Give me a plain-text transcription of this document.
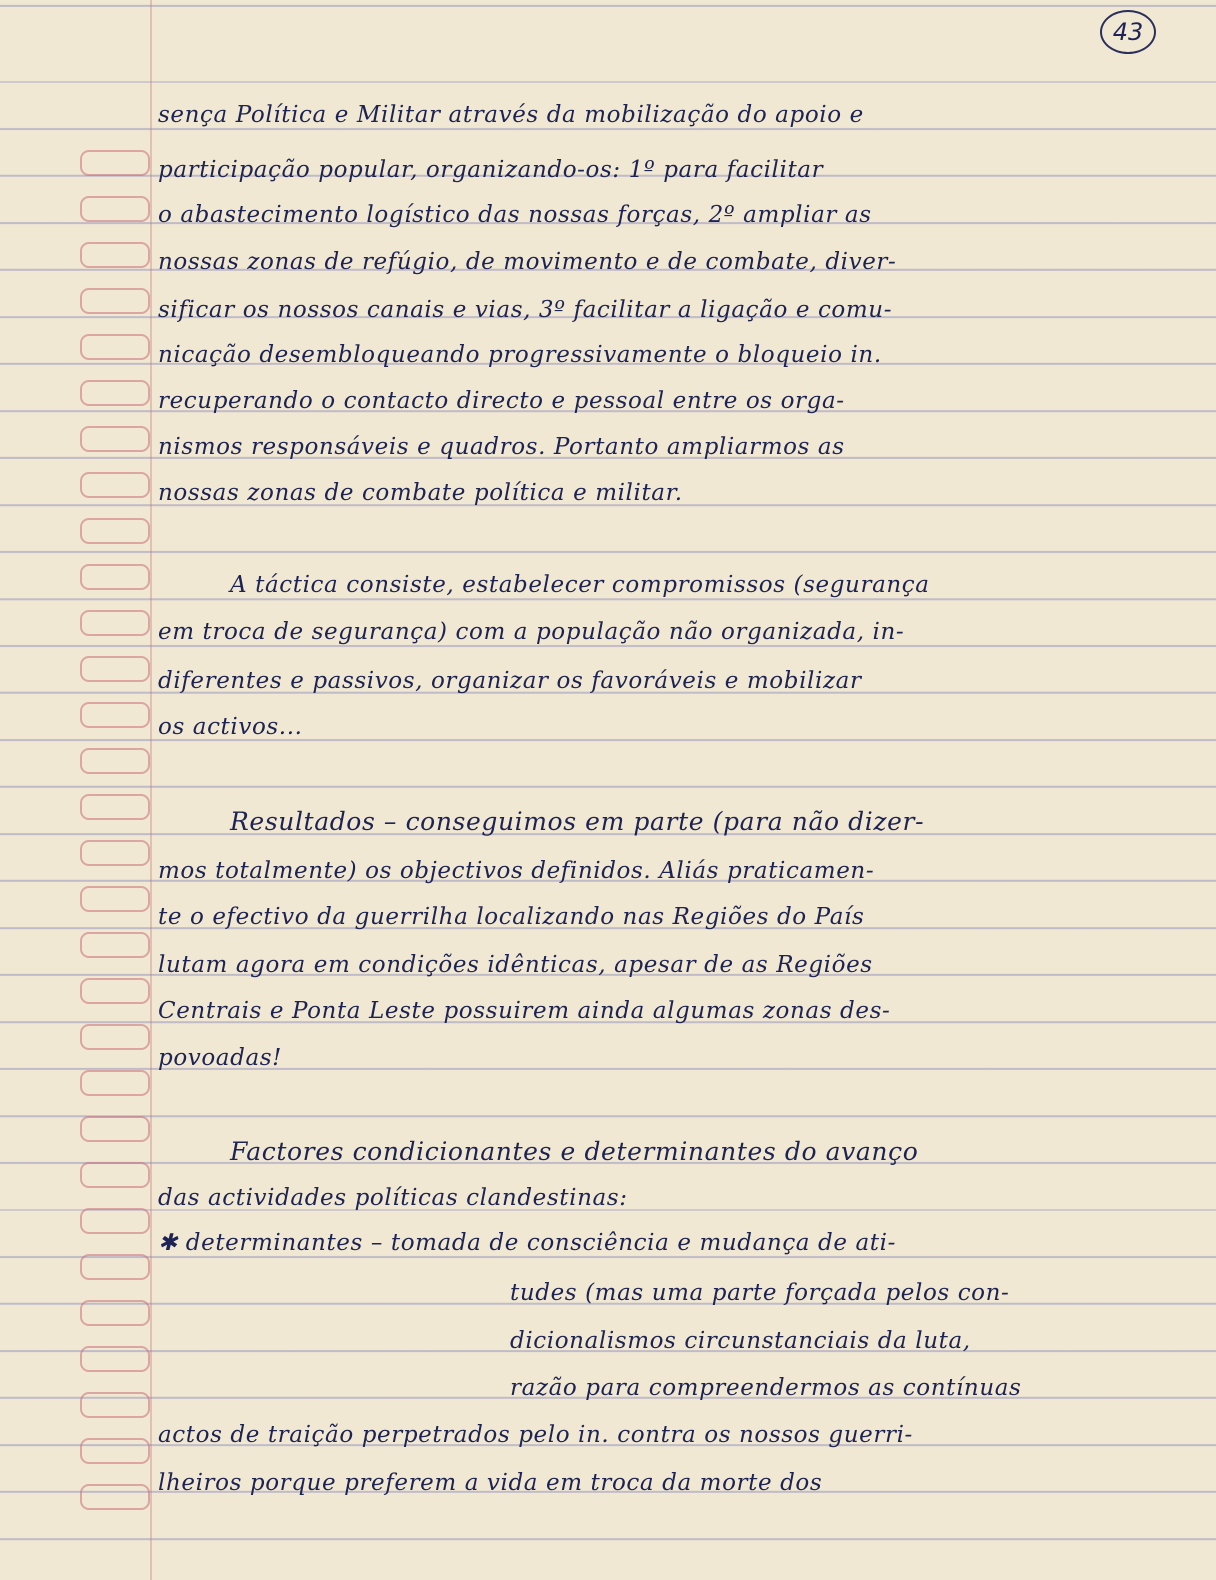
43
sença Política e Militar através da mobilização do apoio e
participação popular, organizando-os: 1º para facilitar
o abastecimento logístico das nossas forças, 2º ampliar as
nossas zonas de refúgio, de movimento e de combate, diver-
sificar os nossos canais e vias, 3º facilitar a ligação e comu-
nicação desembloqueando progressivamente o bloqueio in.
recuperando o contacto directo e pessoal entre os orga-
nismos responsáveis e quadros. Portanto ampliarmos as
nossas zonas de combate política e militar.
A táctica consiste, estabelecer compromissos (segurança
em troca de segurança) com a população não organizada, in-
diferentes e passivos, organizar os favoráveis e mobilizar
os activos...
Resultados – conseguimos em parte (para não dizer-
mos totalmente) os objectivos definidos. Aliás praticamen-
te o efectivo da guerrilha localizando nas Regiões do País
lutam agora em condições idênticas, apesar de as Regiões
Centrais e Ponta Leste possuirem ainda algumas zonas des-
povoadas!
Factores condicionantes e determinantes do avanço
das actividades políticas clandestinas:
✱ determinantes – tomada de consciência e mudança de ati-
tudes (mas uma parte forçada pelos con-
dicionalismos circunstanciais da luta,
razão para compreendermos as contínuas
actos de traição perpetrados pelo in. contra os nossos guerri-
lheiros porque preferem a vida em troca da morte dos
